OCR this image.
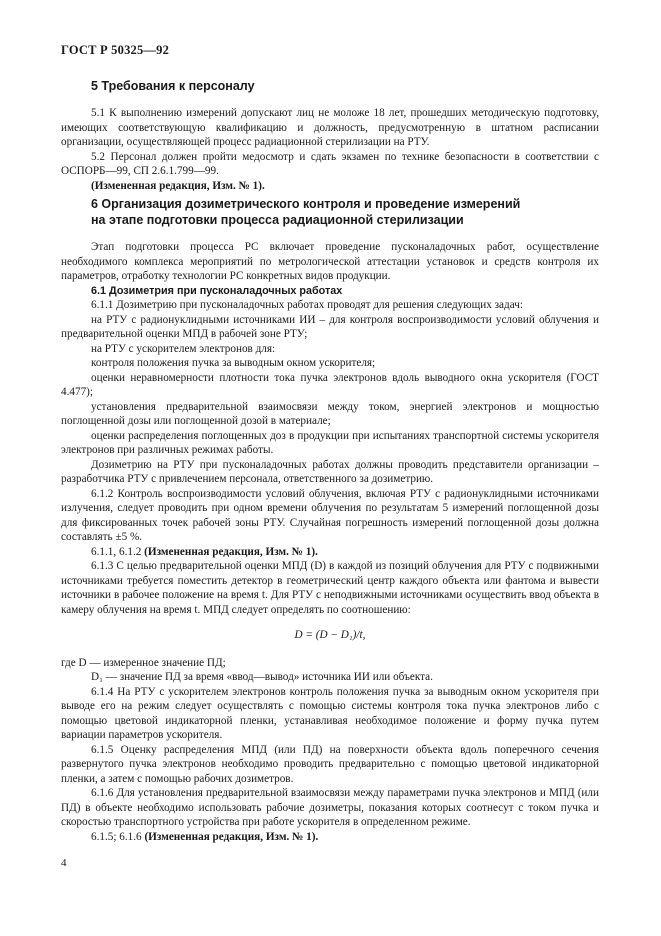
ГОСТ Р 50325—92
5 Требования к персоналу

5.1 К выполнению измерений допускают лиц не моложе 18 лет, прошедших методическую подготовку, имеющих соответствующую квалификацию и должность, предусмотренную в штатном расписании организации, осуществляющей процесс радиационной стерилизации на РТУ.

5.2 Персонал должен пройти медосмотр и сдать экзамен по технике безопасности в соответствии с ОСПОРБ—99, СП 2.6.1.799—99.

(Измененная редакция, Изм. № 1).

6 Организация дозиметрического контроля и проведение измерений
на этапе подготовки процесса радиационной стерилизации

Этап подготовки процесса РС включает проведение пусконаладочных работ, осуществление необходимого комплекса мероприятий по метрологической аттестации установок и средств контроля их параметров, отработку технологии РС конкретных видов продукции.

6.1 Дозиметрия при пусконаладочных работах

6.1.1 Дозиметрию при пусконаладочных работах проводят для решения следующих задач:

на РТУ с радионуклидными источниками ИИ – для контроля воспроизводимости условий облучения и предварительной оценки МПД в рабочей зоне РТУ;

на РТУ с ускорителем электронов для:

контроля положения пучка за выводным окном ускорителя;

оценки неравномерности плотности тока пучка электронов вдоль выводного окна ускорителя (ГОСТ 4.477);

установления предварительной взаимосвязи между током, энергией электронов и мощностью поглощенной дозы или поглощенной дозой в материале;

оценки распределения поглощенных доз в продукции при испытаниях транспортной системы ускорителя электронов при различных режимах работы.

Дозиметрию на РТУ при пусконаладочных работах должны проводить представители организации – разработчика РТУ с привлечением персонала, ответственного за дозиметрию.

6.1.2 Контроль воспроизводимости условий облучения, включая РТУ с радионуклидными источниками излучения, следует проводить при одном времени облучения по результатам 5 измерений поглощенной дозы для фиксированных точек рабочей зоны РТУ. Случайная погрешность измерений поглощенной дозы должна составлять ±5 %.

6.1.1, 6.1.2 (Измененная редакция, Изм. № 1).

6.1.3 С целью предварительной оценки МПД (D) в каждой из позиций облучения для РТУ с подвижными источниками требуется поместить детектор в геометрический центр каждого объекта или фантома и вывести источники в рабочее положение на время t. Для РТУ с неподвижными источниками осуществить ввод объекта в камеру облучения на время t. МПД следует определять по соотношению:

D = (D − D₁)/t,

где D — измеренное значение ПД;

D₁ — значение ПД за время «ввод—вывод» источника ИИ или объекта.

6.1.4 На РТУ с ускорителем электронов контроль положения пучка за выводным окном ускорителя при выводе его на режим следует осуществлять с помощью системы контроля тока пучка электронов либо с помощью цветовой индикаторной пленки, устанавливая необходимое положение и форму пучка путем вариации параметров ускорителя.

6.1.5 Оценку распределения МПД (или ПД) на поверхности объекта вдоль поперечного сечения развернутого пучка электронов необходимо проводить предварительно с помощью цветовой индикаторной пленки, а затем с помощью рабочих дозиметров.

6.1.6 Для установления предварительной взаимосвязи между параметрами пучка электронов и МПД (или ПД) в объекте необходимо использовать рабочие дозиметры, показания которых соотнесут с током пучка и скоростью транспортного устройства при работе ускорителя в определенном режиме.

6.1.5; 6.1.6 (Измененная редакция, Изм. № 1).

4
